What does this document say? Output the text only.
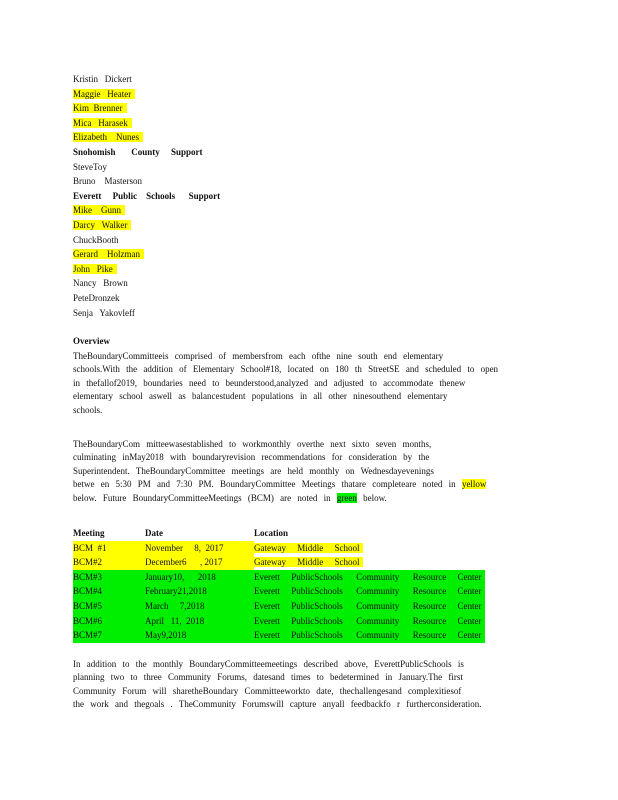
Kristin   Dickert
Maggie   Heater
Kim  Brenner
Mica   Harasek
Elizabeth    Nunes
Snohomish       County     Support
SteveToy
Bruno    Masterson
Everett     Public    Schools      Support
Mike    Gunn
Darcy   Walker
ChuckBooth
Gerard    Holzman
John   Pike
Nancy   Brown
PeteDronzek
Senja   Yakovleff
Overview
TheBoundaryCommitteeis comprised of membersfrom each ofthe nine south end elementary
schools.With the addition of Elementary School#18, located on 180 th StreetSE and scheduled to open
in thefallof2019, boundaries need to beunderstood,analyzed and adjusted to accommodate thenew
elementary school aswell as balancestudent populations in all other ninesouthend elementary
schools.
TheBoundaryCom mitteewasestablished to workmonthly overthe next sixto seven months,
culminating inMay2018 with boundaryrevision recommendations for consideration by the
Superintendent. TheBoundaryCommittee meetings are held monthly on Wednesdayevenings
betwe en 5:30 PM and 7:30 PM. BoundaryCommittee Meetings thatare completeare noted in yellow
below. Future BoundaryCommitteeMeetings (BCM) are noted in green below.
Meeting	Date	Location
BCM  #1	November     8,  2017	Gateway     Middle     School
BCM#2	December6      , 2017	Gateway     Middle     School
BCM#3	January10,      2018	Everett     PublicSchools      Community      Resource     Center
BCM#4	February21,2018	Everett     PublicSchools      Community      Resource     Center
BCM#5	March     7,2018	Everett     PublicSchools      Community      Resource     Center
BCM#6	April   11,  2018	Everett     PublicSchools      Community      Resource     Center
BCM#7	May9,2018	Everett     PublicSchools      Community      Resource     Center
In addition to the monthly BoundaryCommitteemeetings described above, EverettPublicSchools is
planning two to three Community Forums, datesand times to bedetermined in January.The first
Community Forum will sharetheBoundary Committeeworkto date, thechallengesand complexitiesof
the work and thegoals . TheCommunity Forumswill capture anyall feedbackfo r furtherconsideration.
